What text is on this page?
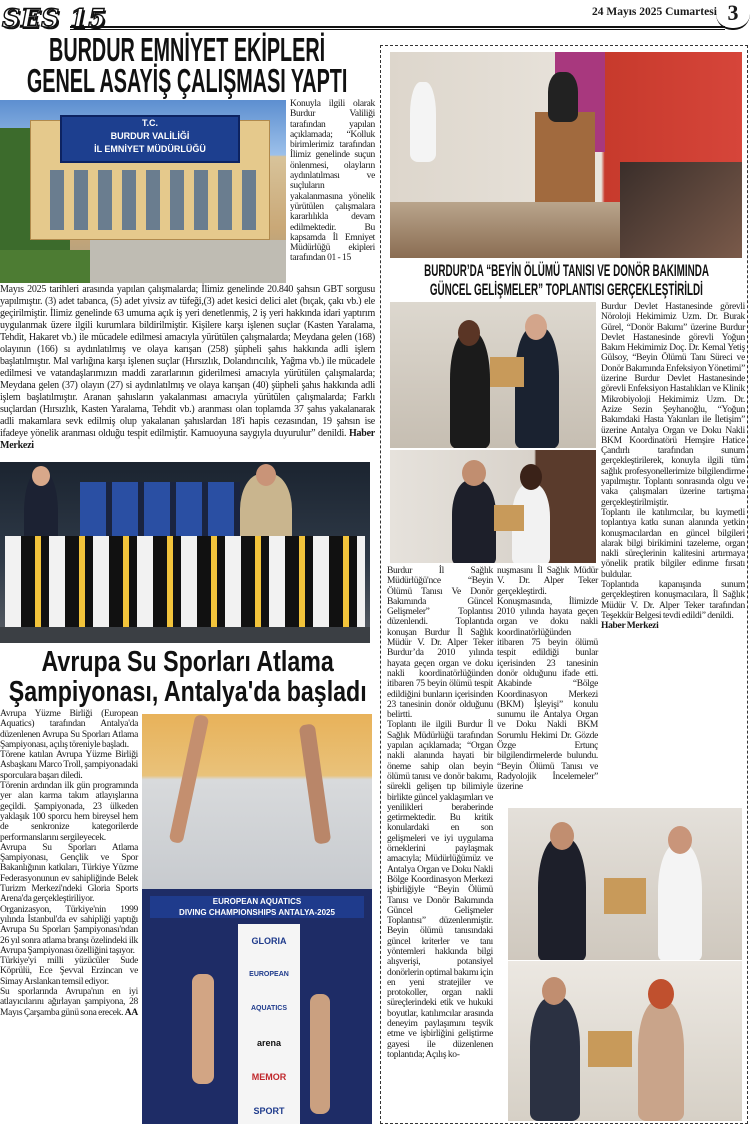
SES 15	24 Mayıs 2025 Cumartesi 3
BURDUR EMNİYET EKİPLERİ
GENEL ASAYİŞ ÇALIŞMASI YAPTI
T.C.
BURDUR VALİLİĞİ
İL EMNİYET MÜDÜRLÜĞÜ
Konuyla ilgili olarak Burdur Valiliği tarafından yapılan açıklamada; “Kolluk birimlerimiz tarafından İlimiz genelinde suçun önlenmesi, olayların aydınlatılması ve suçluların yakalanmasına yönelik yürütülen çalışmalara kararlılıkla devam edilmektedir. Bu kapsamda İl Emniyet Müdürlüğü ekipleri tarafından 01 - 15
Mayıs 2025 tarihleri arasında yapılan çalışmalarda; İlimiz genelinde 20.840 şahsın GBT sorgusu yapılmıştır. (3) adet tabanca, (5) adet yivsiz av tüfeği,(3) adet kesici delici alet (bıçak, çakı vb.) ele geçirilmiştir. İlimiz genelinde 63 umuma açık iş yeri denetlenmiş, 2 iş yeri hakkında idari yaptırım uygulanmak üzere ilgili kurumlara bildirilmiştir. Kişilere karşı işlenen suçlar (Kasten Yaralama, Tehdit, Hakaret vb.) ile mücadele edilmesi amacıyla yürütülen çalışmalarda; Meydana gelen (168) olayının (166) sı aydınlatılmış ve olaya karışan (258) şüpheli şahıs hakkında adli işlem başlatılmıştır. Mal varlığına karşı işlenen suçlar (Hırsızlık, Dolandırıcılık, Yağma vb.) ile mücadele edilmesi ve vatandaşlarımızın maddi zararlarının giderilmesi amacıyla yürütülen çalışmalarda; Meydana gelen (37) olayın (27) si aydınlatılmış ve olaya karışan (40) şüpheli şahıs hakkında adli işlem başlatılmıştır. Aranan şahısların yakalanması amacıyla yürütülen çalışmalarda; Farklı suçlardan (Hırsızlık, Kasten Yaralama, Tehdit vb.) aranması olan toplamda 37 şahıs yakalanarak adli makamlara sevk edilmiş olup yakalanan şahıslardan 18'i hapis cezasından, 19 şahsın ise ifadeye yönelik aranması olduğu tespit edilmiştir. Kamuoyuna saygıyla duyurulur” denildi. Haber Merkezi
Avrupa Su Sporları Atlama
Şampiyonası, Antalya'da başladı

Avrupa Yüzme Birliği (European Aquatics) tarafından Antalya'da düzenlenen Avrupa Su Sporları Atlama Şampiyonası, açılış töreniyle başladı.

Törene katılan Avrupa Yüzme Birliği Asbaşkanı Marco Troll, şampiyonadaki sporculara başarı diledi.

Törenin ardından ilk gün programında yer alan karma takım atlayışlarına geçildi. Şampiyonada, 23 ülkeden yaklaşık 100 sporcu hem bireysel hem de senkronize kategorilerde performanslarını sergileyecek.

Avrupa Su Sporları Atlama Şampiyonası, Gençlik ve Spor Bakanlığının katkıları, Türkiye Yüzme Federasyonunun ev sahipliğinde Belek Turizm Merkezi'ndeki Gloria Sports Arena'da gerçekleştiriliyor.

Organizasyon, Türkiye'nin 1999 yılında İstanbul'da ev sahipliği yaptığı Avrupa Su Sporları Şampiyonası'ndan 26 yıl sonra atlama branşı özelindeki ilk Avrupa Şampiyonası özelliğini taşıyor.

Türkiye'yi milli yüzücüler Sude Köprülü, Ece Şevval Erzincan ve Simay Arslankan temsil ediyor.

Su sporlarında Avrupa'nın en iyi atlayıcılarını ağırlayan şampiyona, 28 Mayıs Çarşamba günü sona erecek. AA

EUROPEAN AQUATICS
DIVING CHAMPIONSHIPS ANTALYA-2025
GLORIA
EUROPEAN AQUATICS
arena
MEMOR
SPORT
BURDUR’DA “BEYİN ÖLÜMÜ TANISI VE DONÖR BAKIMINDA
GÜNCEL GELİŞMELER” TOPLANTISI GERÇEKLEŞTİRİLDİ

Burdur İl Sağlık Müdürlüğü'nce “Beyin Ölümü Tanısı Ve Donör Bakımında Güncel Gelişmeler” Toplantısı düzenlendi. Toplantıda konuşan Burdur İl Sağlık Müdür V. Dr. Alper Teker Burdur’da 2010 yılında hayata geçen organ ve doku nakli koordinatörlüğünden itibaren 75 beyin ölümü tespit edildiğini bunların içerisinden 23 tanesinin donör olduğunu belirtti.

Toplantı ile ilgili Burdur İl Sağlık Müdürlüğü tarafından yapılan açıklamada; “Organ nakli alanında hayati bir öneme sahip olan beyin ölümü tanısı ve donör bakımı, sürekli gelişen tıp bilimiyle birlikte güncel yaklaşımları ve yenilikleri beraberinde getirmektedir. Bu kritik konulardaki en son gelişmeleri ve iyi uygulama örneklerini paylaşmak amacıyla; Müdürlüğümüz ve Antalya Organ ve Doku Nakli Bölge Koordinasyon Merkezi işbirliğiyle “Beyin Ölümü Tanısı ve Donör Bakımında Güncel Gelişmeler Toplantısı” düzenlenmiştir. Beyin ölümü tanısındaki güncel kriterler ve tanı yöntemleri hakkında bilgi alışverişi, potansiyel donörlerin optimal bakımı için en yeni stratejiler ve protokoller, organ nakli süreçlerindeki etik ve hukuki boyutlar, katılımcılar arasında deneyim paylaşımını teşvik etme ve işbirliğini geliştirme gayesi ile düzenlenen toplantıda; Açılış ko-

nuşmasını İl Sağlık Müdür V. Dr. Alper Teker gerçekleştirdi. Konuşmasında, İlimizde 2010 yılında hayata geçen organ ve doku nakli koordinatörlüğünden itibaren 75 beyin ölümü tespit edildiği bunlar içerisinden 23 tanesinin donör olduğunu ifade etti. Akabinde “Bölge Koordinasyon Merkezi (BKM) İşleyişi” konulu sunumu ile Antalya Organ ve Doku Nakli BKM Sorumlu Hekimi Dr. Gözde Özge Ertunç bilgilendirmelerde bulundu. “Beyin Ölümü Tanısı ve Radyolojik İncelemeler” üzerine

Burdur Devlet Hastanesinde görevli Nöroloji Hekimimiz Uzm. Dr. Burak Gürel, “Donör Bakımı” üzerine Burdur Devlet Hastanesinde görevli Yoğun Bakım Hekimimiz Doç. Dr. Kemal Yetiş Gülsoy, “Beyin Ölümü Tanı Süreci ve Donör Bakımında Enfeksiyon Yönetimi” üzerine Burdur Devlet Hastanesinde görevli Enfeksiyon Hastalıkları ve Klinik Mikrobiyoloji Hekimimiz Uzm. Dr. Azize Sezin Şeyhanoğlu, “Yoğun Bakımdaki Hasta Yakınları ile İletişim” üzerine Antalya Organ ve Doku Nakli BKM Koordinatörü Hemşire Hatice Çandırlı tarafından sunum gerçekleştirilerek, konuyla ilgili tüm sağlık profesyonellerimize bilgilendirme yapılmıştır. Toplantı sonrasında olgu ve vaka çalışmaları üzerine tartışma gerçekleştirilmiştir.

Toplantı ile katılımcılar, bu kıymetli toplantıya katkı sunan alanında yetkin konuşmacılardan en güncel bilgileri alarak bilgi birikimini tazeleme, organ nakli süreçlerinin kalitesini artırmaya yönelik pratik bilgiler edinme fırsatı buldular.

Toplantıda kapanışında sunum gerçekleştiren konuşmacılara, İl Sağlık Müdür V. Dr. Alper Teker tarafından Teşekkür Belgesi tevdi edildi” denildi.

Haber Merkezi
